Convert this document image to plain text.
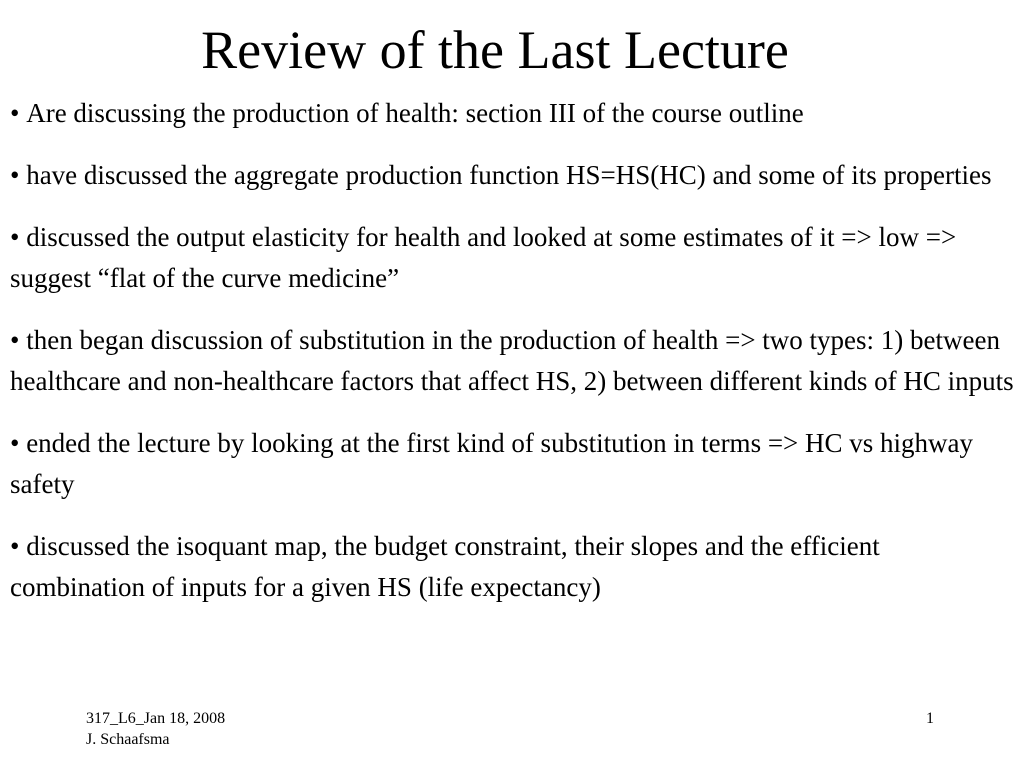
Review of the Last Lecture
• Are discussing the production of health: section III of the course outline
• have discussed the aggregate production function HS=HS(HC) and some of its properties
• discussed the output elasticity for health and looked at some estimates of it => low => suggest “flat of the curve medicine”
• then began discussion of substitution in the production of health => two types: 1) between healthcare and non-healthcare factors that affect HS, 2) between different kinds of HC inputs
• ended the lecture by looking at the first kind of substitution in terms => HC vs highway safety
• discussed the isoquant map, the budget constraint, their slopes and the efficient combination of inputs for a given HS (life expectancy)
317_L6_Jan 18, 2008
J. Schaafsma
1
